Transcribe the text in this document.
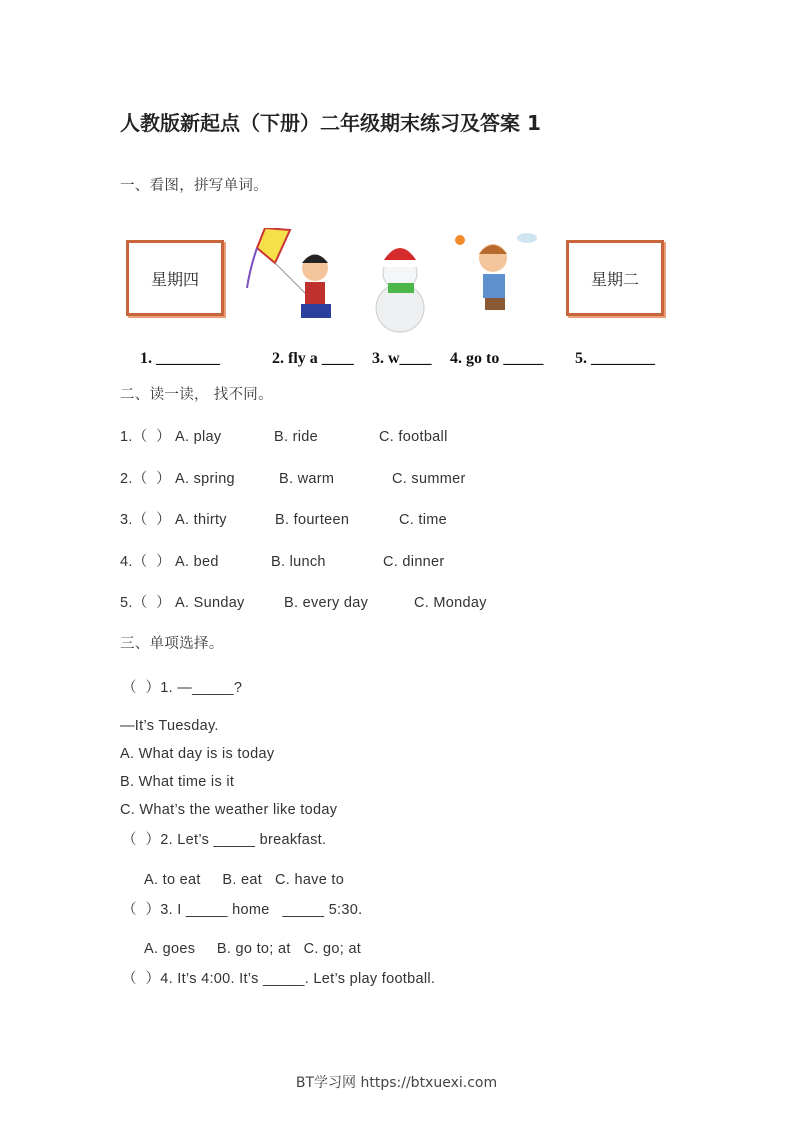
人教版新起点（下册）二年级期末练习及答案 1
一、看图，拼写单词。
星期四	星期二
1. ________	2. fly a ____ 3. w____ 4. go to _____ 5. ________
二、读一读， 找不同。
1.（  ） A. play	B. ride	C. football
2.（  ） A. spring	B. warm	C. summer
3.（  ） A. thirty	B. fourteen	C. time
4.（  ） A. bed	B. lunch	C. dinner
5.（  ） A. Sunday	B. every day	C. Monday
三、单项选择。
（  ）1. —_____?
—It’s Tuesday.
A. What day is is today
B. What time is it
C. What’s the weather like today
（  ）2. Let’s _____ breakfast.
A. to eat     B. eat   C. have to
（  ）3. I _____ home   _____ 5:30.
A. goes     B. go to; at   C. go; at
（  ）4. It’s 4:00. It’s _____. Let’s play football.
BT学习网 https://btxuexi.com
